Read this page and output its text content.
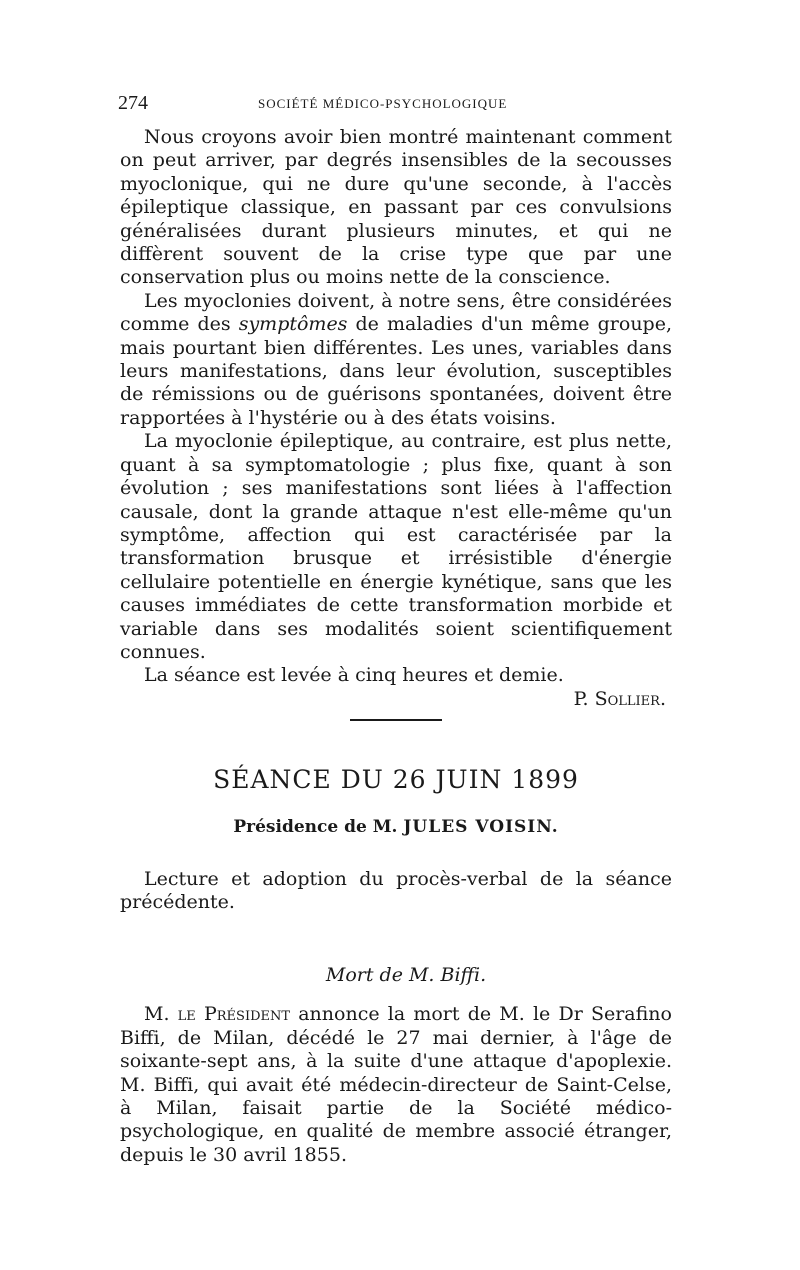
274	SOCIÉTÉ MÉDICO-PSYCHOLOGIQUE

Nous croyons avoir bien montré maintenant comment on peut arriver, par degrés insensibles de la secousses myoclonique, qui ne dure qu'une seconde, à l'accès épileptique classique, en passant par ces convulsions généralisées durant plusieurs minutes, et qui ne diffèrent souvent de la crise type que par une conservation plus ou moins nette de la conscience.

Les myoclonies doivent, à notre sens, être considérées comme des symptômes de maladies d'un même groupe, mais pourtant bien différentes. Les unes, variables dans leurs manifestations, dans leur évolution, susceptibles de rémissions ou de guérisons spontanées, doivent être rapportées à l'hystérie ou à des états voisins.

La myoclonie épileptique, au contraire, est plus nette, quant à sa symptomatologie ; plus fixe, quant à son évolution ; ses manifestations sont liées à l'affection causale, dont la grande attaque n'est elle-même qu'un symptôme, affection qui est caractérisée par la transformation brusque et irrésistible d'énergie cellulaire potentielle en énergie kynétique, sans que les causes immédiates de cette transformation morbide et variable dans ses modalités soient scientifiquement connues.

La séance est levée à cinq heures et demie.

P. Sollier.

SÉANCE DU 26 JUIN 1899

Présidence de M. JULES VOISIN.

Lecture et adoption du procès-verbal de la séance précédente.

Mort de M. Biffi.

M. le Président annonce la mort de M. le Dr Serafino Biffi, de Milan, décédé le 27 mai dernier, à l'âge de soixante-sept ans, à la suite d'une attaque d'apoplexie. M. Biffi, qui avait été médecin-directeur de Saint-Celse, à Milan, faisait partie de la Société médico-psychologique, en qualité de membre associé étranger, depuis le 30 avril 1855.
